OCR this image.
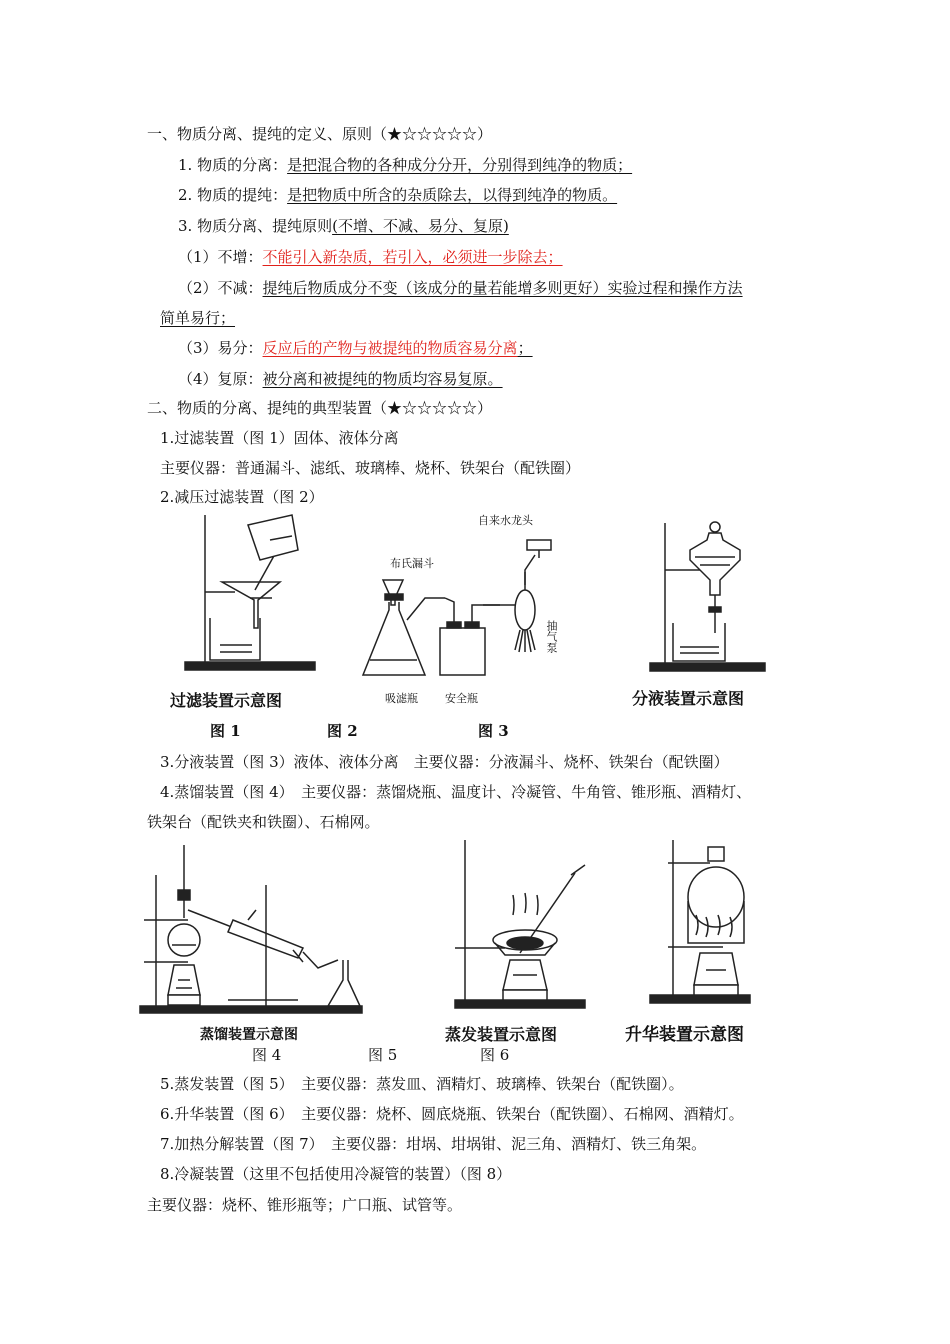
一、物质分离、提纯的定义、原则（★☆☆☆☆☆）
1. 物质的分离：是把混合物的各种成分分开，分别得到纯净的物质；
2. 物质的提纯：是把物质中所含的杂质除去，以得到纯净的物质。
3. 物质分离、提纯原则(不增、不减、易分、复原)
（1）不增：不能引入新杂质，若引入，必须进一步除去；
（2）不减：提纯后物质成分不变（该成分的量若能增多则更好）实验过程和操作方法
简单易行；
（3）易分：反应后的产物与被提纯的物质容易分离；
（4）复原：被分离和被提纯的物质均容易复原。
二、物质的分离、提纯的典型装置（★☆☆☆☆☆）
1.过滤装置（图 1）固体、液体分离
主要仪器：普通漏斗、滤纸、玻璃棒、烧杯、铁架台（配铁圈）
2.减压过滤装置（图 2）
过滤装置示意图
自来水龙头
布氏漏斗
抽气泵
吸滤瓶 安全瓶	分液装置示意图
图 1	图 2	图 3
3.分液装置（图 3）液体、液体分离　主要仪器：分液漏斗、烧杯、铁架台（配铁圈）
4.蒸馏装置（图 4）　主要仪器：蒸馏烧瓶、温度计、冷凝管、牛角管、锥形瓶、酒精灯、
铁架台（配铁夹和铁圈）、石棉网。
蒸馏装置示意图	蒸发装置示意图	升华装置示意图
图 4	图 5	图 6
5.蒸发装置（图 5）　主要仪器：蒸发皿、酒精灯、玻璃棒、铁架台（配铁圈）。
6.升华装置（图 6）　主要仪器：烧杯、圆底烧瓶、铁架台（配铁圈）、石棉网、酒精灯。
7.加热分解装置（图 7）　主要仪器：坩埚、坩埚钳、泥三角、酒精灯、铁三角架。
8.冷凝装置（这里不包括使用冷凝管的装置）（图 8）
主要仪器：烧杯、锥形瓶等；广口瓶、试管等。
